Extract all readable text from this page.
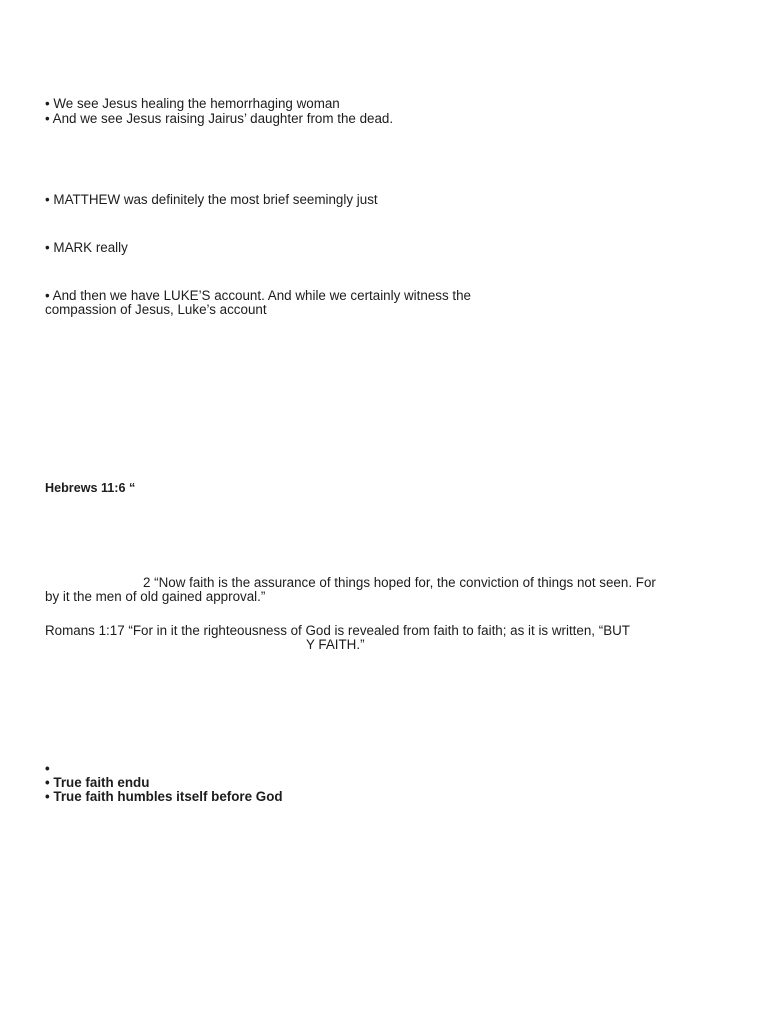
• We see Jesus healing the hemorrhaging woman
• And we see Jesus raising Jairus’ daughter from the dead.
• MATTHEW was definitely the most brief seemingly just
• MARK really
• And then we have LUKE’S account. And while we certainly witness the
compassion of Jesus, Luke’s account
Hebrews 11:6 “
2 “Now faith is the assurance of things hoped for, the conviction of things not seen. For
by it the men of old gained approval.”
Romans 1:17 “For in it the righteousness of God is revealed from faith to faith; as it is written, “BUT
Y FAITH.”
•
• True faith endu
• True faith humbles itself before God
